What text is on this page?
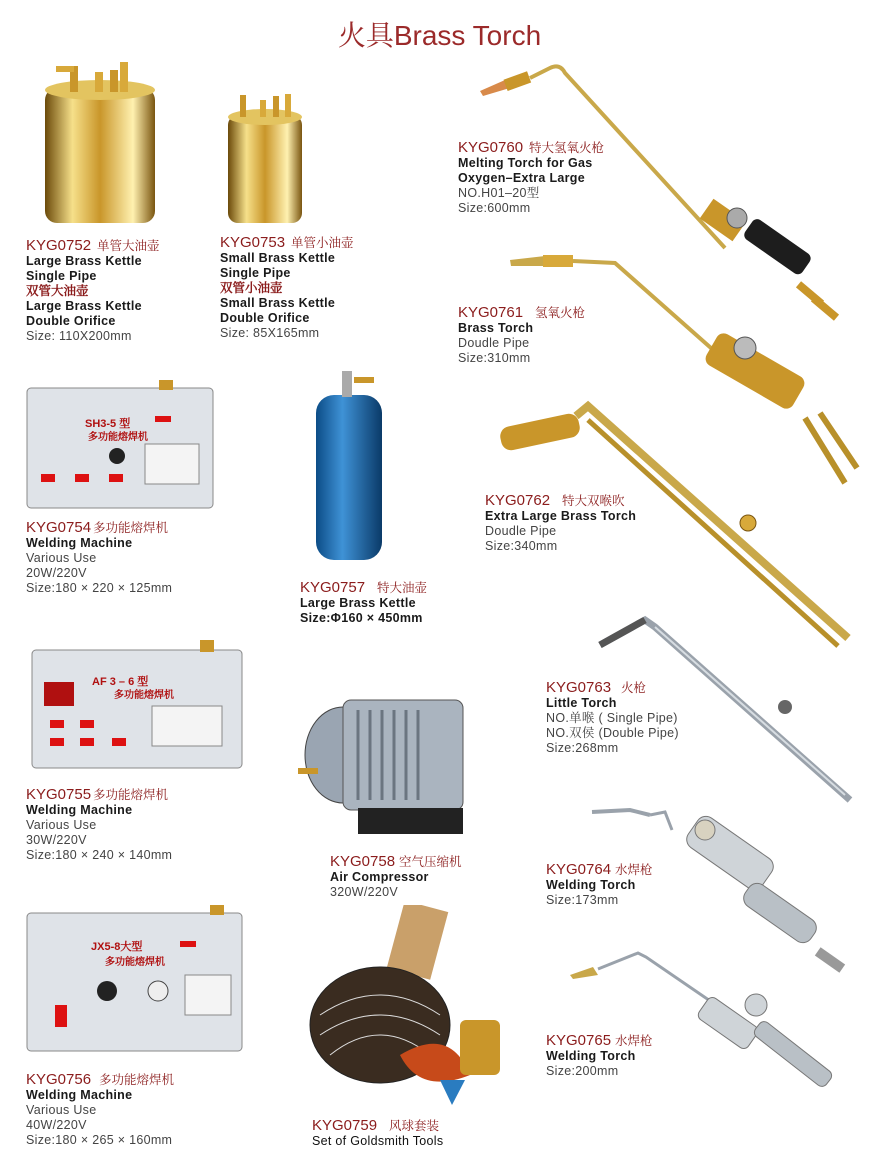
火具Brass Torch
SH3-5 型
多功能熔焊机
AF 3 – 6 型
多功能熔焊机
JX5-8大型
多功能熔焊机
KYG0752 单管大油壶
Large Brass Kettle
Single Pipe
双管大油壶
Large Brass Kettle
Double Orifice
Size: 110X200mm
KYG0753 单管小油壶
Small Brass Kettle
Single Pipe
双管小油壶
Small Brass Kettle
Double Orifice
Size: 85X165mm
KYG0760 特大氢氧火枪
Melting Torch for Gas
Oxygen–Extra Large
NO.H01–20型
Size:600mm
KYG0761 氢氧火枪
Brass Torch
Doudle Pipe
Size:310mm
KYG0754 多功能熔焊机
Welding Machine
Various Use
20W/220V
Size:180 × 220 × 125mm	KYG0757 特大油壶
Large Brass Kettle
Size:Φ160 × 450mm
KYG0762 特大双喉吹
Extra Large Brass Torch
Doudle Pipe
Size:340mm
KYG0763 火枪
Little Torch
NO.单喉 ( Single Pipe)
NO.双侯 (Double Pipe)
Size:268mm
KYG0755 多功能熔焊机
Welding Machine
Various Use
30W/220V
Size:180 × 240 × 140mm	KYG0758 空气压缩机
Air Compressor
320W/220V
KYG0764 水焊枪
Welding Torch
Size:173mm
KYG0765 水焊枪
Welding Torch
Size:200mm
KYG0756 多功能熔焊机
Welding Machine
Various Use
40W/220V
Size:180 × 265 × 160mm
KYG0759 风球套装
Set of Goldsmith Tools
